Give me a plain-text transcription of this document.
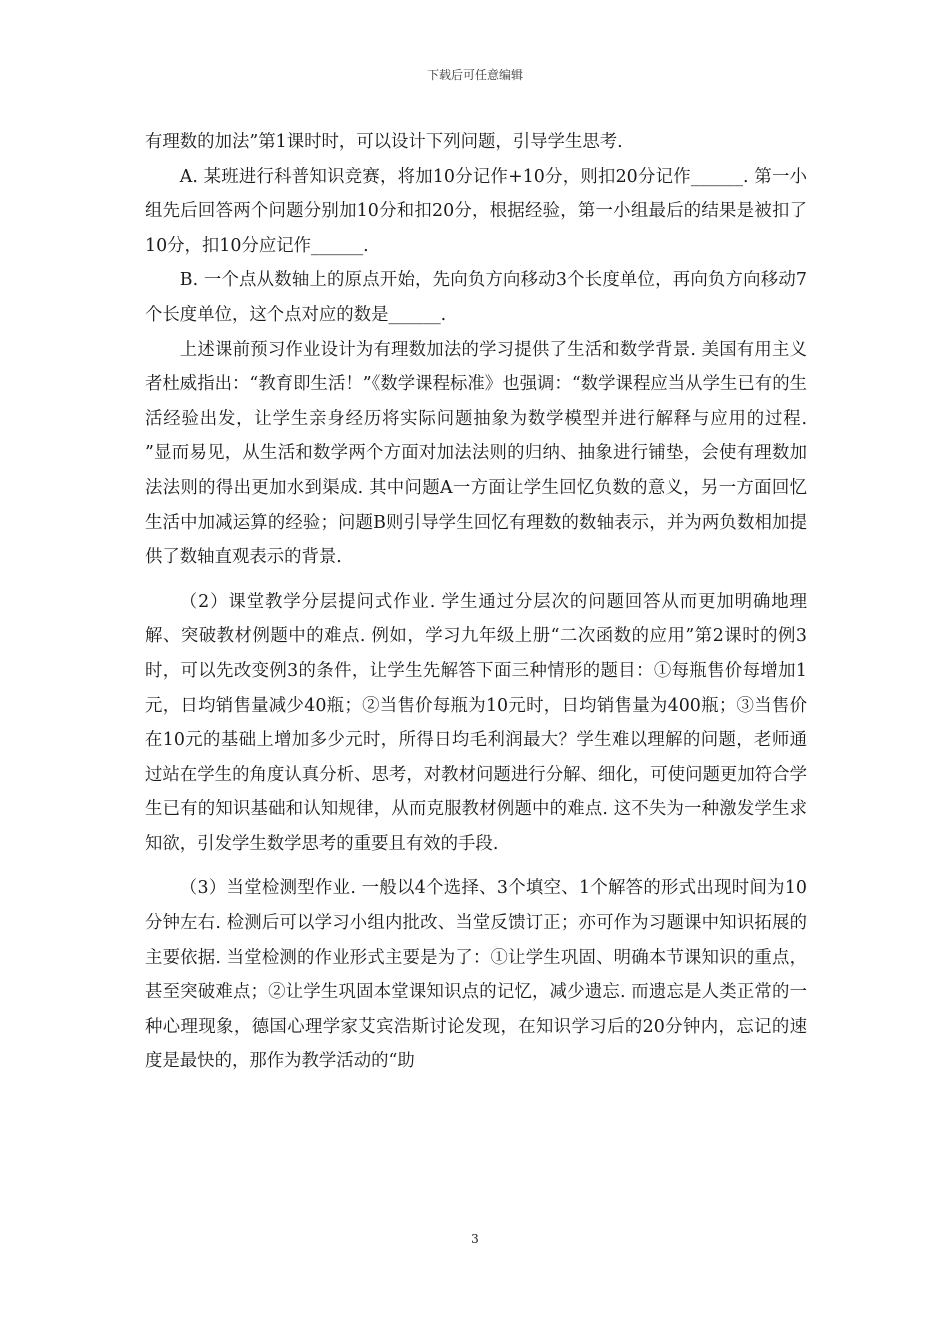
下载后可任意编辑

有理数的加法”第1课时时，可以设计下列问题，引导学生思考.

A. 某班进行科普知识竞赛，将加10分记作+10分，则扣20分记作______. 第一小组先后回答两个问题分别加10分和扣20分，根据经验，第一小组最后的结果是被扣了10分，扣10分应记作______.

B. 一个点从数轴上的原点开始，先向负方向移动3个长度单位，再向负方向移动7个长度单位，这个点对应的数是______.

上述课前预习作业设计为有理数加法的学习提供了生活和数学背景. 美国有用主义者杜威指出：“教育即生活！”《数学课程标准》也强调：“数学课程应当从学生已有的生活经验出发，让学生亲身经历将实际问题抽象为数学模型并进行解释与应用的过程. ”显而易见，从生活和数学两个方面对加法法则的归纳、抽象进行铺垫，会使有理数加法法则的得出更加水到渠成. 其中问题A一方面让学生回忆负数的意义，另一方面回忆生活中加减运算的经验；问题B则引导学生回忆有理数的数轴表示，并为两负数相加提供了数轴直观表示的背景.

（2）课堂教学分层提问式作业. 学生通过分层次的问题回答从而更加明确地理解、突破教材例题中的难点. 例如，学习九年级上册“二次函数的应用”第2课时的例3时，可以先改变例3的条件，让学生先解答下面三种情形的题目：①每瓶售价每增加1元，日均销售量减少40瓶；②当售价每瓶为10元时，日均销售量为400瓶；③当售价在10元的基础上增加多少元时，所得日均毛利润最大？学生难以理解的问题，老师通过站在学生的角度认真分析、思考，对教材问题进行分解、细化，可使问题更加符合学生已有的知识基础和认知规律，从而克服教材例题中的难点. 这不失为一种激发学生求知欲，引发学生数学思考的重要且有效的手段.

（3）当堂检测型作业. 一般以4个选择、3个填空、1个解答的形式出现时间为10分钟左右. 检测后可以学习小组内批改、当堂反馈订正；亦可作为习题课中知识拓展的主要依据. 当堂检测的作业形式主要是为了：①让学生巩固、明确本节课知识的重点，甚至突破难点；②让学生巩固本堂课知识点的记忆，减少遗忘. 而遗忘是人类正常的一种心理现象，德国心理学家艾宾浩斯讨论发现，在知识学习后的20分钟内，忘记的速度是最快的，那作为教学活动的“助

3
